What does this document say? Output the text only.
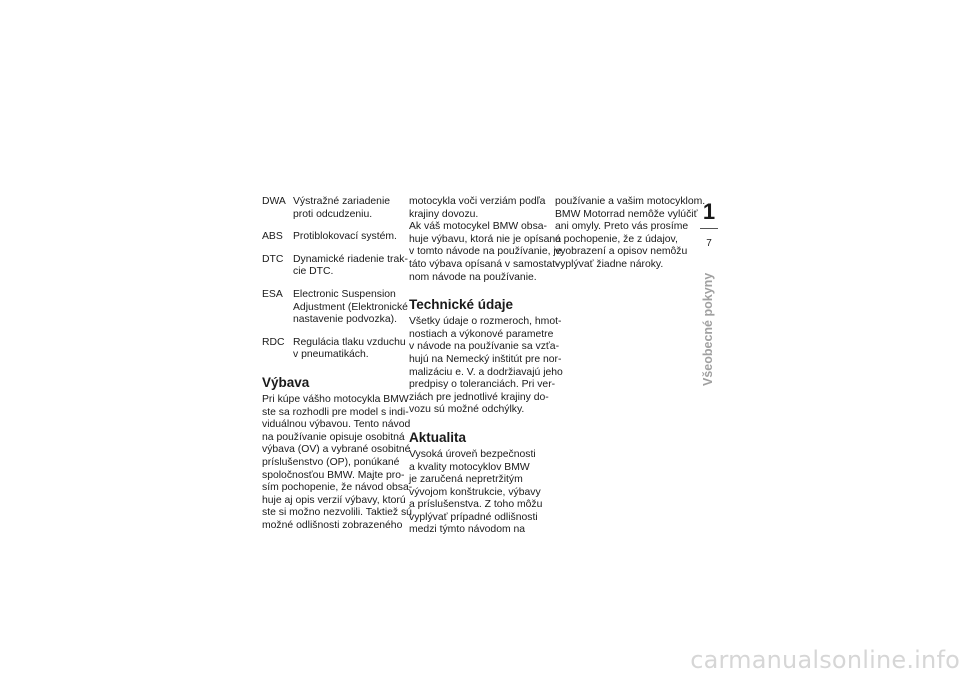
DWA Výstražné zariadenie
proti odcudzeniu.
ABS Protiblokovací systém.
DTC Dynamické riadenie trak-
cie DTC.
ESA Electronic Suspension
Adjustment (Elektronické
nastavenie podvozka).
RDC Regulácia tlaku vzduchu
v pneumatikách.
Výbava
Pri kúpe vášho motocykla BMW
ste sa rozhodli pre model s indi-
viduálnou výbavou. Tento návod
na používanie opisuje osobitná
výbava (OV) a vybrané osobitné
príslušenstvo (OP), ponúkané
spoločnosťou BMW. Majte pro-
sím pochopenie, že návod obsa-
huje aj opis verzií výbavy, ktorú
ste si možno nezvolili. Taktiež sú
možné odlišnosti zobrazeného
motocykla voči verziám podľa
krajiny dovozu.
Ak váš motocykel BMW obsa-
huje výbavu, ktorá nie je opísaná
v tomto návode na používanie, je
táto výbava opísaná v samostat-
nom návode na používanie.
Technické údaje
Všetky údaje o rozmeroch, hmot-
nostiach a výkonové parametre
v návode na používanie sa vzťa-
hujú na Nemecký inštitút pre nor-
malizáciu e. V. a dodržiavajú jeho
predpisy o toleranciách. Pri ver-
ziách pre jednotlivé krajiny do-
vozu sú možné odchýlky.
Aktualita
Vysoká úroveň bezpečnosti
a kvality motocyklov BMW
je zaručená nepretržitým
vývojom konštrukcie, výbavy
a príslušenstva. Z toho môžu
vyplývať prípadné odlišnosti
medzi týmto návodom na
používanie a vašim motocyklom.
BMW Motorrad nemôže vylúčiť
ani omyly. Preto vás prosíme
o pochopenie, že z údajov,
vyobrazení a opisov nemôžu
vyplývať žiadne nároky.
1
7
Všeobecné pokyny
carmanualsonline.info
